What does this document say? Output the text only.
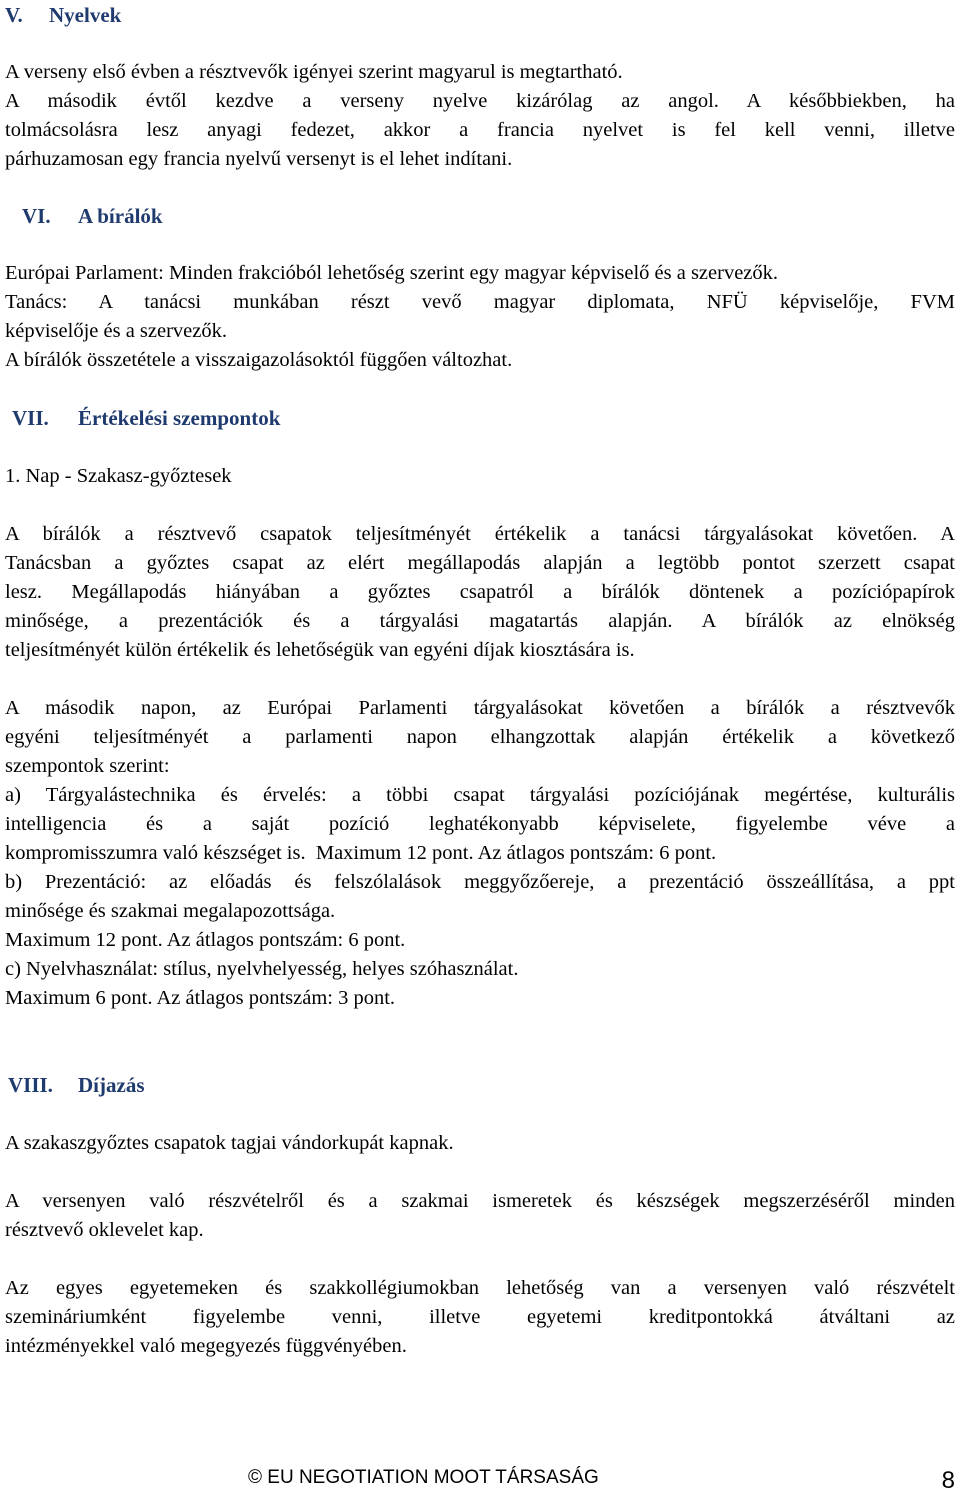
V. Nyelvek
A verseny első évben a résztvevők igényei szerint magyarul is megtartható.
A második évtől kezdve a verseny nyelve kizárólag az angol. A későbbiekben, ha
tolmácsolásra lesz anyagi fedezet, akkor a francia nyelvet is fel kell venni, illetve
párhuzamosan egy francia nyelvű versenyt is el lehet indítani.
VI. A bírálók
Európai Parlament: Minden frakcióból lehetőség szerint egy magyar képviselő és a szervezők.
Tanács: A tanácsi munkában részt vevő magyar diplomata, NFÜ képviselője, FVM
képviselője és a szervezők.
A bírálók összetétele a visszaigazolásoktól függően változhat.
VII. Értékelési szempontok
1. Nap - Szakasz-győztesek
A bírálók a résztvevő csapatok teljesítményét értékelik a tanácsi tárgyalásokat követően. A
Tanácsban a győztes csapat az elért megállapodás alapján a legtöbb pontot szerzett csapat
lesz. Megállapodás hiányában a győztes csapatról a bírálók döntenek a pozíciópapírok
minősége, a prezentációk és a tárgyalási magatartás alapján. A bírálók az elnökség
teljesítményét külön értékelik és lehetőségük van egyéni díjak kiosztására is.
A második napon, az Európai Parlamenti tárgyalásokat követően a bírálók a résztvevők
egyéni teljesítményét a parlamenti napon elhangzottak alapján értékelik a következő
szempontok szerint:
a) Tárgyalástechnika és érvelés: a többi csapat tárgyalási pozíciójának megértése, kulturális
intelligencia és a saját pozíció leghatékonyabb képviselete, figyelembe véve a
kompromisszumra való készséget is.  Maximum 12 pont. Az átlagos pontszám: 6 pont.
b) Prezentáció: az előadás és felszólalások meggyőzőereje, a prezentáció összeállítása, a ppt
minősége és szakmai megalapozottsága.
Maximum 12 pont. Az átlagos pontszám: 6 pont.
c) Nyelvhasználat: stílus, nyelvhelyesség, helyes szóhasználat.
Maximum 6 pont. Az átlagos pontszám: 3 pont.
VIII. Díjazás
A szakaszgyőztes csapatok tagjai vándorkupát kapnak.
A versenyen való részvételről és a szakmai ismeretek és készségek megszerzéséről minden
résztvevő oklevelet kap.
Az egyes egyetemeken és szakkollégiumokban lehetőség van a versenyen való részvételt
szemináriumként figyelembe venni, illetve egyetemi kreditpontokká átváltani az
intézményekkel való megegyezés függvényében.
© EU NEGOTIATION MOOT TÁRSASÁG	8
